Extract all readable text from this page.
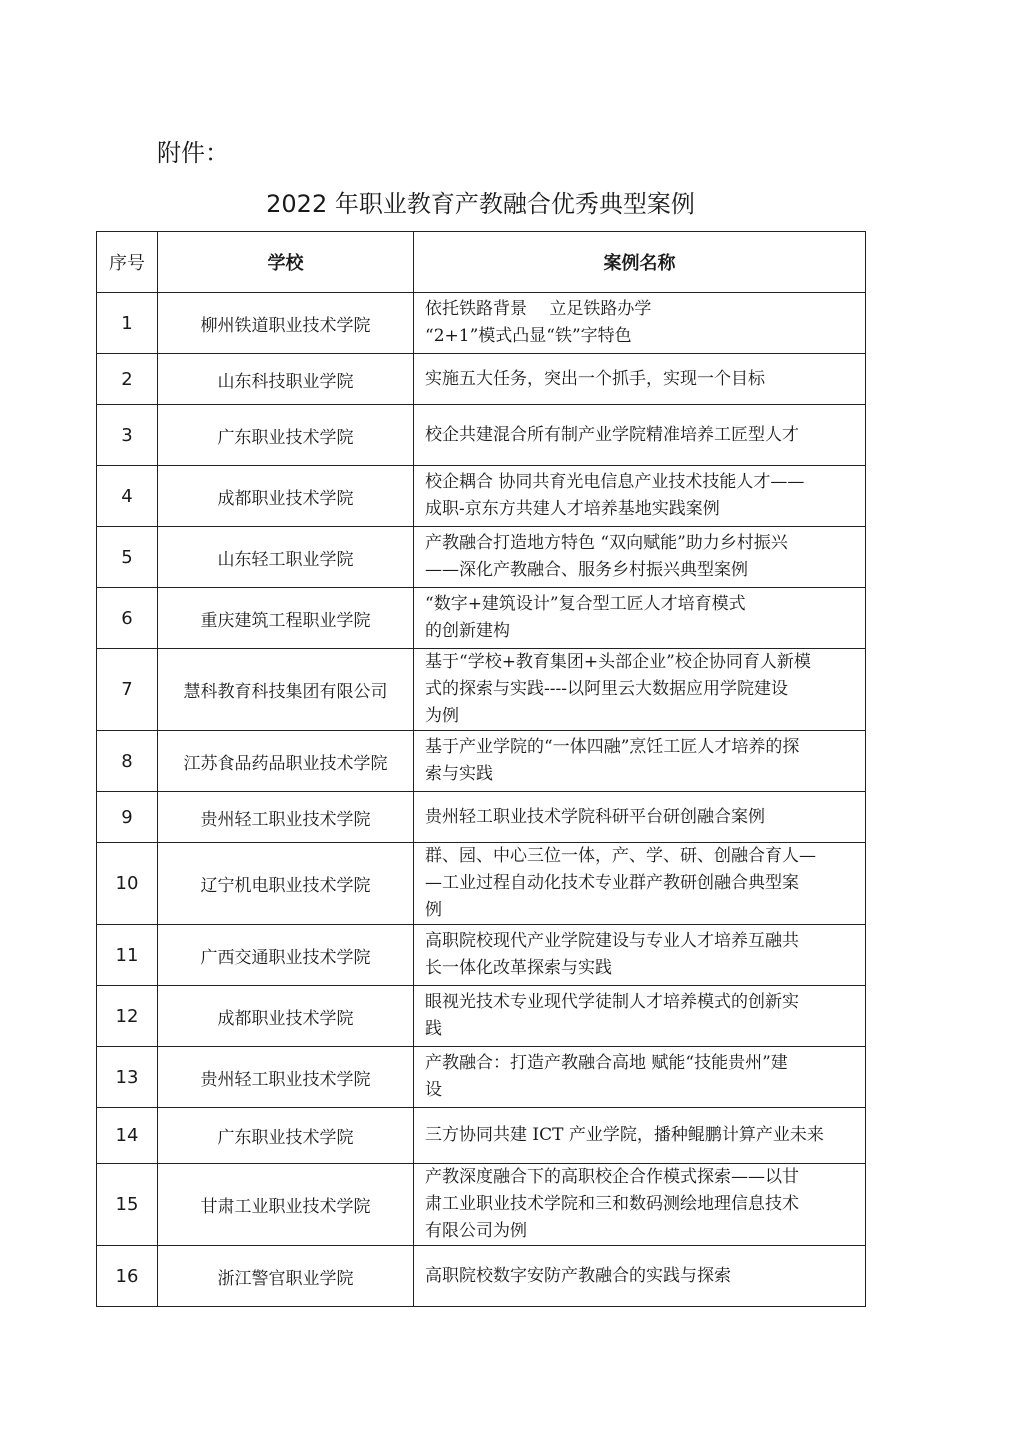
附件：
2022 年职业教育产教融合优秀典型案例
序号	学校	案例名称
1	柳州铁道职业技术学院	依托铁路背景　 立足铁路办学
“2+1”模式凸显“铁”字特色
2	山东科技职业学院	实施五大任务，突出一个抓手，实现一个目标
3	广东职业技术学院	校企共建混合所有制产业学院精准培养工匠型人才
4	成都职业技术学院	校企耦合 协同共育光电信息产业技术技能人才——
成职-京东方共建人才培养基地实践案例
5	山东轻工职业学院	产教融合打造地方特色 “双向赋能”助力乡村振兴
——深化产教融合、服务乡村振兴典型案例
6	重庆建筑工程职业学院	“数字+建筑设计”复合型工匠人才培育模式
的创新建构
7	慧科教育科技集团有限公司	基于“学校+教育集团+头部企业”校企协同育人新模
式的探索与实践----以阿里云大数据应用学院建设
为例
8	江苏食品药品职业技术学院	基于产业学院的“一体四融”烹饪工匠人才培养的探
索与实践
9	贵州轻工职业技术学院	贵州轻工职业技术学院科研平台研创融合案例
10	辽宁机电职业技术学院	群、园、中心三位一体，产、学、研、创融合育人—
—工业过程自动化技术专业群产教研创融合典型案
例
11	广西交通职业技术学院	高职院校现代产业学院建设与专业人才培养互融共
长一体化改革探索与实践
12	成都职业技术学院	眼视光技术专业现代学徒制人才培养模式的创新实
践
13	贵州轻工职业技术学院	产教融合：打造产教融合高地 赋能“技能贵州”建
设
14	广东职业技术学院	三方协同共建 ICT 产业学院，播种鲲鹏计算产业未来
15	甘肃工业职业技术学院	产教深度融合下的高职校企合作模式探索——以甘
肃工业职业技术学院和三和数码测绘地理信息技术
有限公司为例
16	浙江警官职业学院	高职院校数字安防产教融合的实践与探索
